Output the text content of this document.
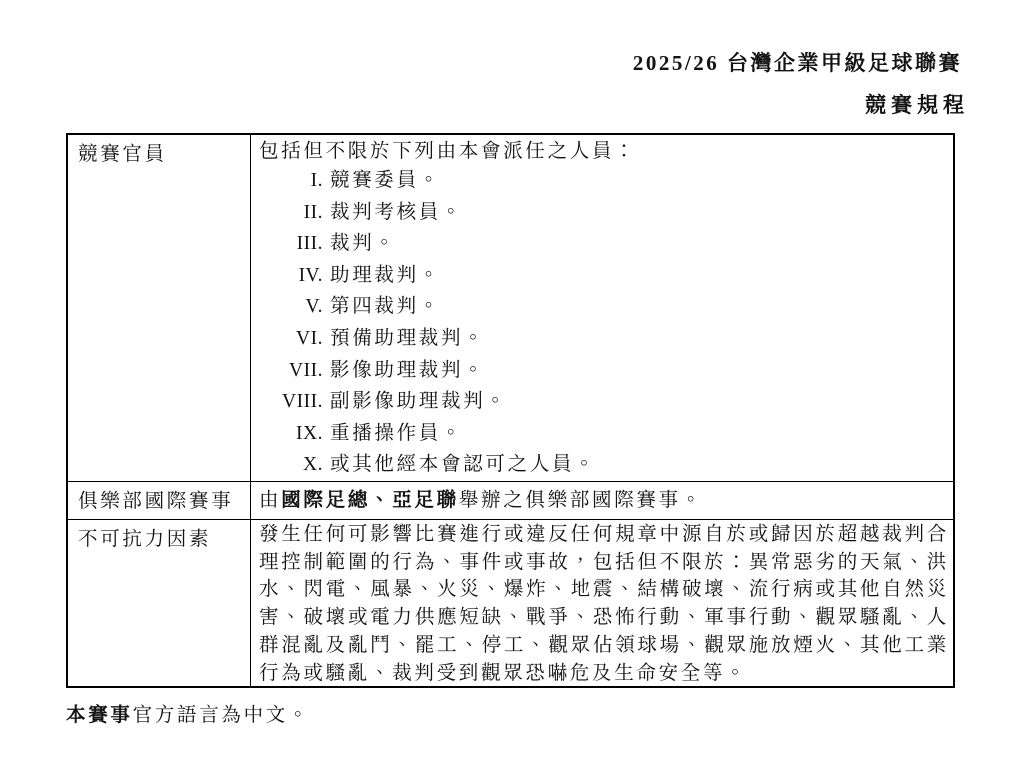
2025/26 台灣企業甲級足球聯賽
競賽規程
競賽官員	包括但不限於下列由本會派任之人員：
I. 競賽委員。
II. 裁判考核員。
III. 裁判。
IV. 助理裁判。
V. 第四裁判。
VI. 預備助理裁判。
VII. 影像助理裁判。
VIII. 副影像助理裁判。
IX. 重播操作員。
X. 或其他經本會認可之人員。
俱樂部國際賽事	由國際足總、亞足聯舉辦之俱樂部國際賽事。
不可抗力因素	發生任何可影響比賽進行或違反任何規章中源自於或歸因於超越裁判合理控制範圍的行為、事件或事故，包括但不限於：異常惡劣的天氣、洪水、閃電、風暴、火災、爆炸、地震、結構破壞、流行病或其他自然災害、破壞或電力供應短缺、戰爭、恐怖行動、軍事行動、觀眾騷亂、人群混亂及亂鬥、罷工、停工、觀眾佔領球場、觀眾施放煙火、其他工業行為或騷亂、裁判受到觀眾恐嚇危及生命安全等。
本賽事官方語言為中文。
